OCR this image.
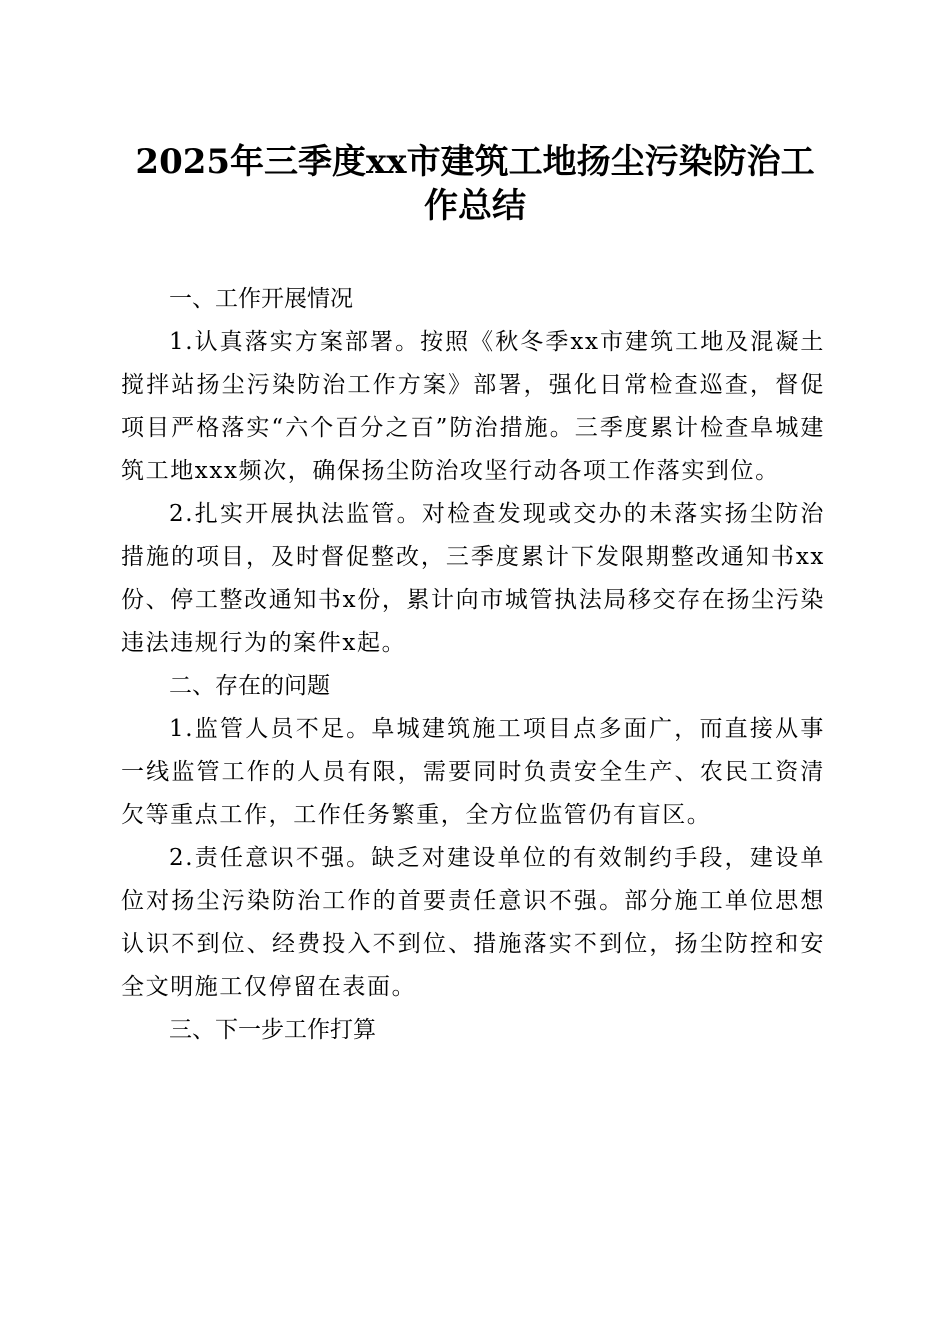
2025年三季度xx市建筑工地扬尘污染防治工
作总结
一、工作开展情况

1.认真落实方案部署。按照《秋冬季xx市建筑工地及混凝土搅拌站扬尘污染防治工作方案》部署，强化日常检查巡查，督促项目严格落实“六个百分之百”防治措施。三季度累计检查阜城建筑工地xxx频次，确保扬尘防治攻坚行动各项工作落实到位。

2.扎实开展执法监管。对检查发现或交办的未落实扬尘防治措施的项目，及时督促整改，三季度累计下发限期整改通知书xx份、停工整改通知书x份，累计向市城管执法局移交存在扬尘污染违法违规行为的案件x起。

二、存在的问题

1.监管人员不足。阜城建筑施工项目点多面广，而直接从事一线监管工作的人员有限，需要同时负责安全生产、农民工资清欠等重点工作，工作任务繁重，全方位监管仍有盲区。

2.责任意识不强。缺乏对建设单位的有效制约手段，建设单位对扬尘污染防治工作的首要责任意识不强。部分施工单位思想认识不到位、经费投入不到位、措施落实不到位，扬尘防控和安全文明施工仅停留在表面。

三、下一步工作打算
